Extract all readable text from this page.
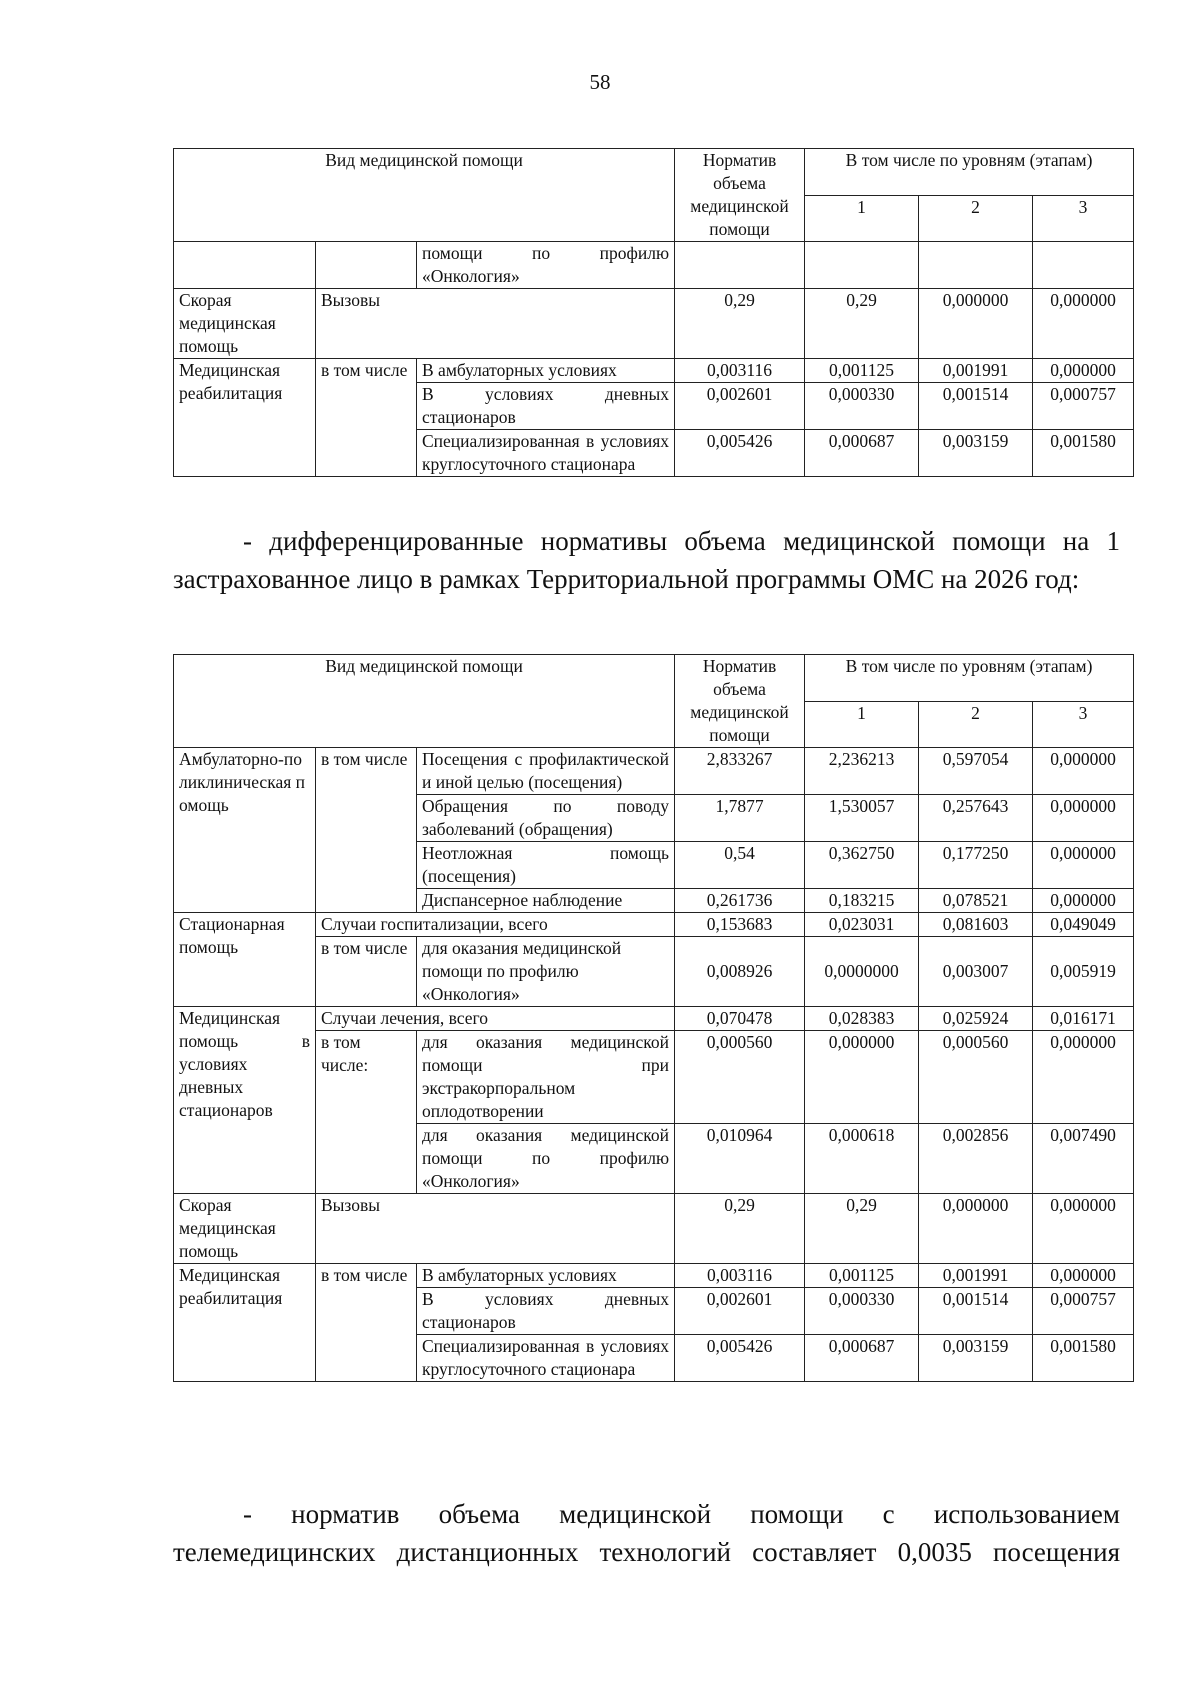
58
Вид медицинской помощи			Норматив
объема
медицинской
помощи	В том числе по уровням (этапам)		
				1	2	3
		помощи по профилю «Онкология»				
Скорая медицинская помощь	Вызовы		0,29	0,29	0,000000	0,000000
Медицинская реабилитация	в том числе	В амбулаторных условиях	0,003116	0,001125	0,001991	0,000000
		В условиях дневных стационаров	0,002601	0,000330	0,001514	0,000757
		Специализированная в условиях круглосуточного стационара	0,005426	0,000687	0,003159	0,001580
- дифференцированные нормативы объема медицинской помощи на 1 застрахованное лицо в рамках Территориальной программы ОМС на 2026 год:
Вид медицинской помощи			Норматив
объема
медицинской
помощи	В том числе по уровням (этапам)		
				1	2	3
Амбулаторно-поликлиническая помощь	в том числе	Посещения с профилактической и иной целью (посещения)	2,833267	2,236213	0,597054	0,000000
		Обращения по поводу заболеваний (обращения)	1,7877	1,530057	0,257643	0,000000
		Неотложная помощь (посещения)	0,54	0,362750	0,177250	0,000000
		Диспансерное наблюдение	0,261736	0,183215	0,078521	0,000000
Стационарная помощь	Случаи госпитализации, всего		0,153683	0,023031	0,081603	0,049049
	в том числе	для оказания медицинской помощи по профилю «Онкология»	0,008926	0,0000000	0,003007	0,005919
Медицинская помощь в условиях дневных стационаров	Случаи лечения, всего		0,070478	0,028383	0,025924	0,016171
	в том числе:	для оказания медицинской помощи при экстракорпоральном оплодотворении	0,000560	0,000000	0,000560	0,000000
		для оказания медицинской помощи по профилю «Онкология»	0,010964	0,000618	0,002856	0,007490
Скорая медицинская помощь	Вызовы		0,29	0,29	0,000000	0,000000
Медицинская реабилитация	в том числе	В амбулаторных условиях	0,003116	0,001125	0,001991	0,000000
		В условиях дневных стационаров	0,002601	0,000330	0,001514	0,000757
		Специализированная в условиях круглосуточного стационара	0,005426	0,000687	0,003159	0,001580
- норматив объема медицинской помощи с использованием телемедицинских дистанционных технологий составляет 0,0035 посещения
